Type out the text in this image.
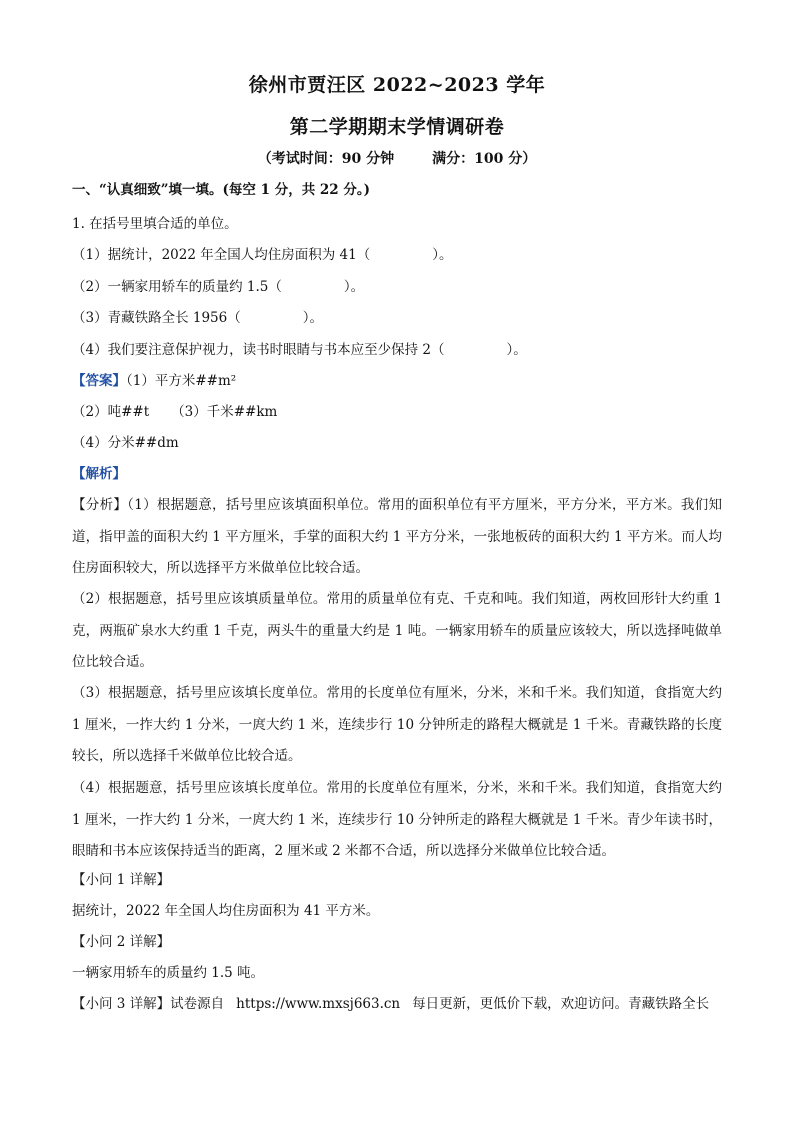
徐州市贾汪区 2022~2023 学年
第二学期期末学情调研卷
（考试时间：90 分钟	满分：100 分）
一、“认真细致”填一填。(每空 1 分，共 22 分。)
1. 在括号里填合适的单位。
（1）据统计，2022 年全国人均住房面积为 41（	）。
（2）一辆家用轿车的质量约 1.5（	）。
（3）青藏铁路全长 1956（	）。
（4）我们要注意保护视力，读书时眼睛与书本应至少保持 2（	）。
【答案】（1）平方米##m²
（2）吨##t （3）千米##km
（4）分米##dm
【解析】
【分析】（1）根据题意，括号里应该填面积单位。常用的面积单位有平方厘米，平方分米，平方米。我们知道，指甲盖的面积大约 1 平方厘米，手掌的面积大约 1 平方分米，一张地板砖的面积大约 1 平方米。而人均住房面积较大，所以选择平方米做单位比较合适。
（2）根据题意，括号里应该填质量单位。常用的质量单位有克、千克和吨。我们知道，两枚回形针大约重 1 克，两瓶矿泉水大约重 1 千克，两头牛的重量大约是 1 吨。一辆家用轿车的质量应该较大，所以选择吨做单位比较合适。
（3）根据题意，括号里应该填长度单位。常用的长度单位有厘米，分米，米和千米。我们知道，食指宽大约 1 厘米，一拃大约 1 分米，一庹大约 1 米，连续步行 10 分钟所走的路程大概就是 1 千米。青藏铁路的长度较长，所以选择千米做单位比较合适。
（4）根据题意，括号里应该填长度单位。常用的长度单位有厘米，分米，米和千米。我们知道，食指宽大约 1 厘米，一拃大约 1 分米，一庹大约 1 米，连续步行 10 分钟所走的路程大概就是 1 千米。青少年读书时，眼睛和书本应该保持适当的距离，2 厘米或 2 米都不合适，所以选择分米做单位比较合适。
【小问 1 详解】
据统计，2022 年全国人均住房面积为 41 平方米。
【小问 2 详解】
一辆家用轿车的质量约 1.5 吨。
【小问 3 详解】试卷源自 https://www.mxsj663.cn 每日更新，更低价下载，欢迎访问。青藏铁路全长
